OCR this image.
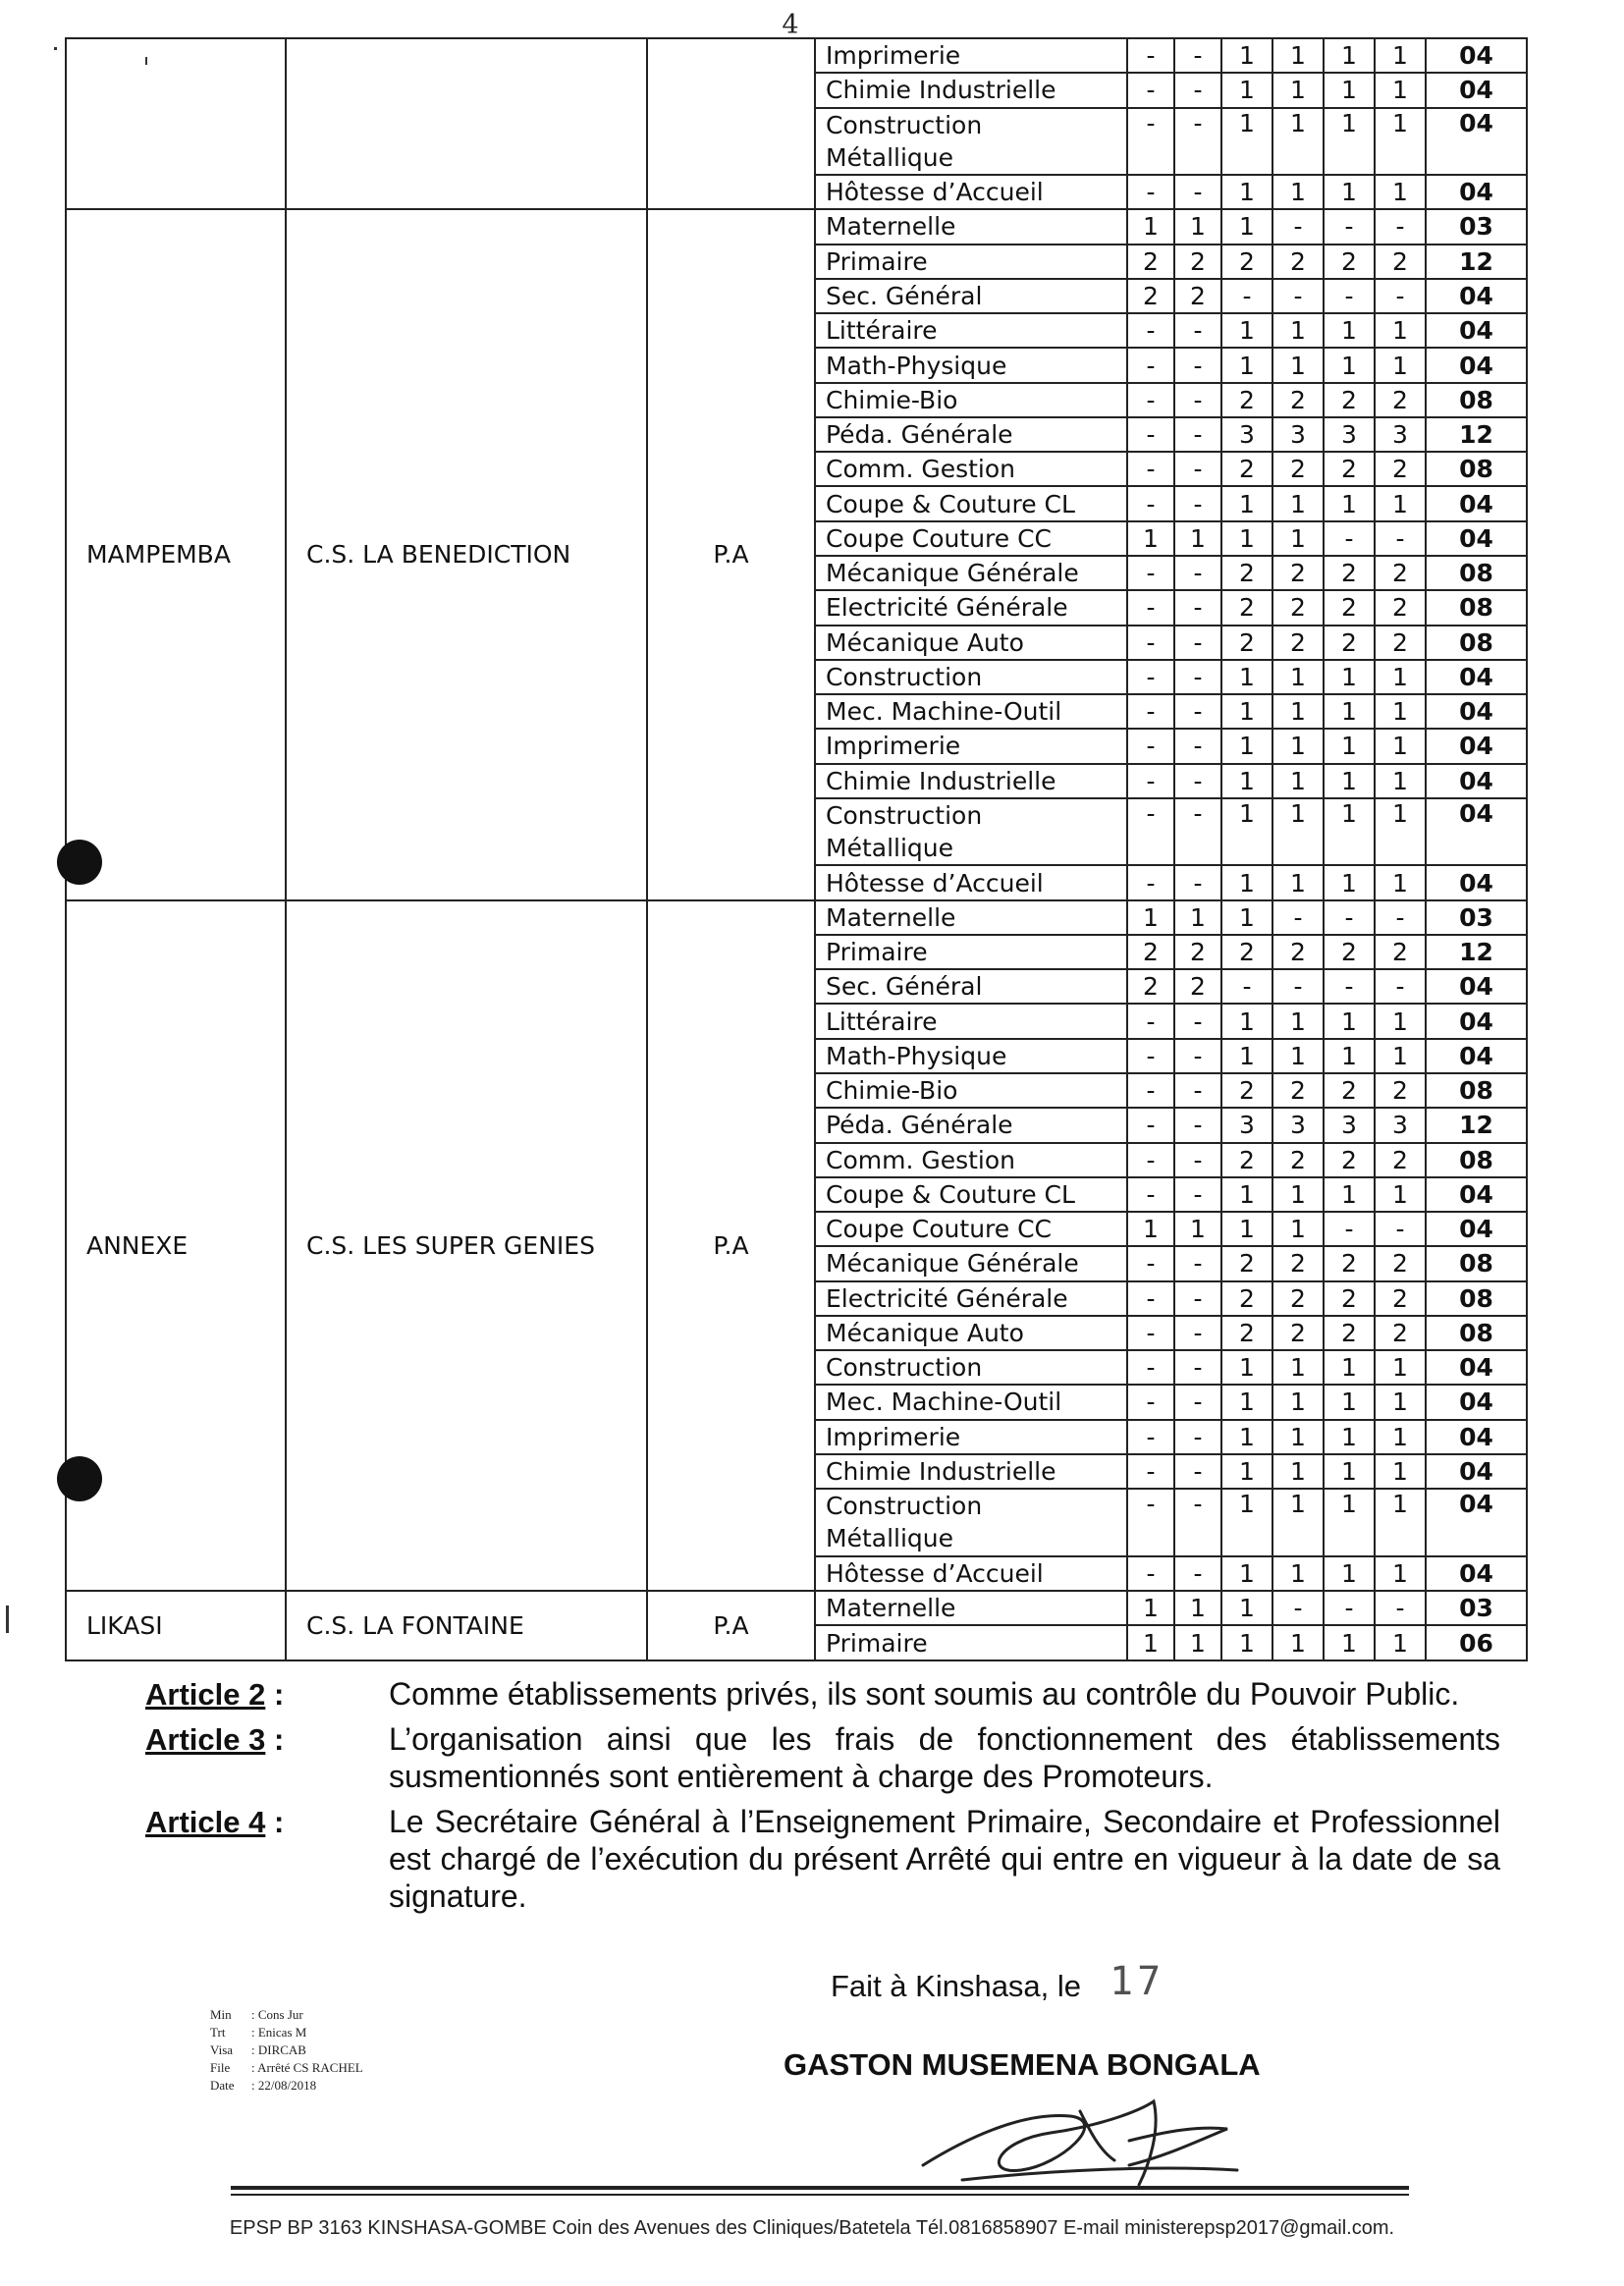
4

			Imprimerie	-	-	1	1	1	1	04

			Chimie Industrielle	-	-	1	1	1	1	04

			Construction
Métallique	-	-	1	1	1	1	04

			Hôtesse d’Accueil	-	-	1	1	1	1	04
MAMPEMBA	C.S. LA BENEDICTION	P.A	Maternelle	1	1	1	-	-	-	03

			Primaire	2	2	2	2	2	2	12

			Sec. Général	2	2	-	-	-	-	04

			Littéraire	-	-	1	1	1	1	04

			Math-Physique	-	-	1	1	1	1	04

			Chimie-Bio	-	-	2	2	2	2	08

			Péda. Générale	-	-	3	3	3	3	12

			Comm. Gestion	-	-	2	2	2	2	08

			Coupe & Couture CL	-	-	1	1	1	1	04

			Coupe Couture CC	1	1	1	1	-	-	04

			Mécanique Générale	-	-	2	2	2	2	08

			Electricité Générale	-	-	2	2	2	2	08

			Mécanique Auto	-	-	2	2	2	2	08

			Construction	-	-	1	1	1	1	04

			Mec. Machine-Outil	-	-	1	1	1	1	04

			Imprimerie	-	-	1	1	1	1	04

			Chimie Industrielle	-	-	1	1	1	1	04

			Construction
Métallique	-	-	1	1	1	1	04

			Hôtesse d’Accueil	-	-	1	1	1	1	04
ANNEXE	C.S. LES SUPER GENIES	P.A	Maternelle	1	1	1	-	-	-	03

			Primaire	2	2	2	2	2	2	12

			Sec. Général	2	2	-	-	-	-	04

			Littéraire	-	-	1	1	1	1	04

			Math-Physique	-	-	1	1	1	1	04

			Chimie-Bio	-	-	2	2	2	2	08

			Péda. Générale	-	-	3	3	3	3	12

			Comm. Gestion	-	-	2	2	2	2	08

			Coupe & Couture CL	-	-	1	1	1	1	04

			Coupe Couture CC	1	1	1	1	-	-	04

			Mécanique Générale	-	-	2	2	2	2	08

			Electricité Générale	-	-	2	2	2	2	08

			Mécanique Auto	-	-	2	2	2	2	08

			Construction	-	-	1	1	1	1	04

			Mec. Machine-Outil	-	-	1	1	1	1	04

			Imprimerie	-	-	1	1	1	1	04

			Chimie Industrielle	-	-	1	1	1	1	04

			Construction
Métallique	-	-	1	1	1	1	04

			Hôtesse d’Accueil	-	-	1	1	1	1	04
LIKASI	C.S. LA FONTAINE	P.A	Maternelle	1	1	1	-	-	-	03

			Primaire	1	1	1	1	1	1	06
Article 2 :	Comme établissements privés, ils sont soumis au contrôle du Pouvoir Public.
Article 3 :	L’organisation ainsi que les frais de fonctionnement des établissements susmentionnés sont entièrement à charge des Promoteurs.
Article 4 :	Le Secrétaire Général à l’Enseignement Primaire, Secondaire et Professionnel est chargé de l’exécution du présent Arrêté qui entre en vigueur à la date de sa signature.
Fait à Kinshasa, le 17
GASTON MUSEMENA BONGALA
Min	: Cons Jur
Trt	: Enicas M
Visa	: DIRCAB
File	: Arrêté CS RACHEL
Date	: 22/08/2018
EPSP BP 3163 KINSHASA-GOMBE Coin des Avenues des Cliniques/Batetela Tél.0816858907 E-mail ministerepsp2017@gmail.com.
